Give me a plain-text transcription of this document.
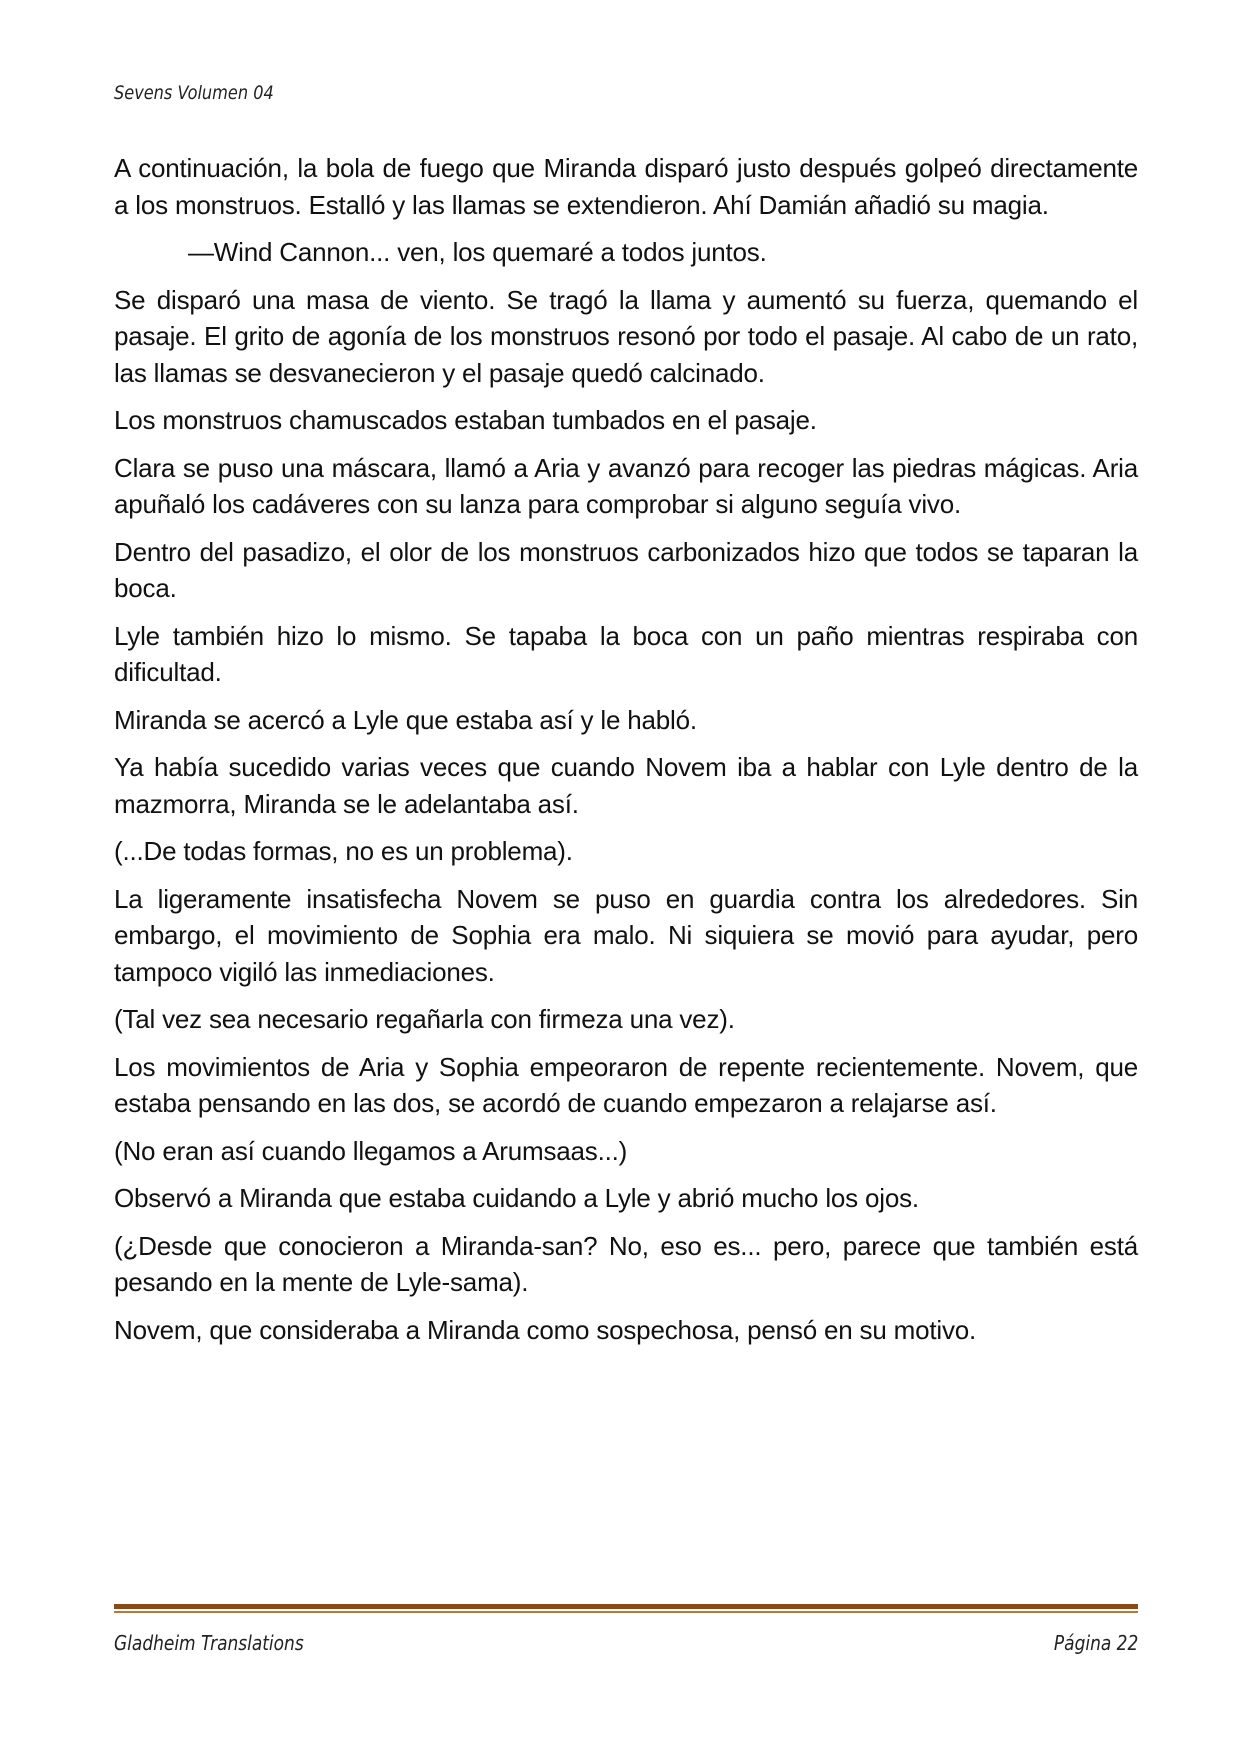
Sevens Volumen 04

A continuación, la bola de fuego que Miranda disparó justo después golpeó directamente a los monstruos. Estalló y las llamas se extendieron. Ahí Damián añadió su magia.

—Wind Cannon... ven, los quemaré a todos juntos.

Se disparó una masa de viento. Se tragó la llama y aumentó su fuerza, quemando el pasaje. El grito de agonía de los monstruos resonó por todo el pasaje. Al cabo de un rato, las llamas se desvanecieron y el pasaje quedó calcinado.

Los monstruos chamuscados estaban tumbados en el pasaje.

Clara se puso una máscara, llamó a Aria y avanzó para recoger las piedras mágicas. Aria apuñaló los cadáveres con su lanza para comprobar si alguno seguía vivo.

Dentro del pasadizo, el olor de los monstruos carbonizados hizo que todos se taparan la boca.

Lyle también hizo lo mismo. Se tapaba la boca con un paño mientras respiraba con dificultad.

Miranda se acercó a Lyle que estaba así y le habló.

Ya había sucedido varias veces que cuando Novem iba a hablar con Lyle dentro de la mazmorra, Miranda se le adelantaba así.

(...De todas formas, no es un problema).

La ligeramente insatisfecha Novem se puso en guardia contra los alrededores. Sin embargo, el movimiento de Sophia era malo. Ni siquiera se movió para ayudar, pero tampoco vigiló las inmediaciones.

(Tal vez sea necesario regañarla con firmeza una vez).

Los movimientos de Aria y Sophia empeoraron de repente recientemente. Novem, que estaba pensando en las dos, se acordó de cuando empezaron a relajarse así.

(No eran así cuando llegamos a Arumsaas...)

Observó a Miranda que estaba cuidando a Lyle y abrió mucho los ojos.

(¿Desde que conocieron a Miranda-san? No, eso es... pero, parece que también está pesando en la mente de Lyle-sama).

Novem, que consideraba a Miranda como sospechosa, pensó en su motivo.

Gladheim Translations	Página 22
